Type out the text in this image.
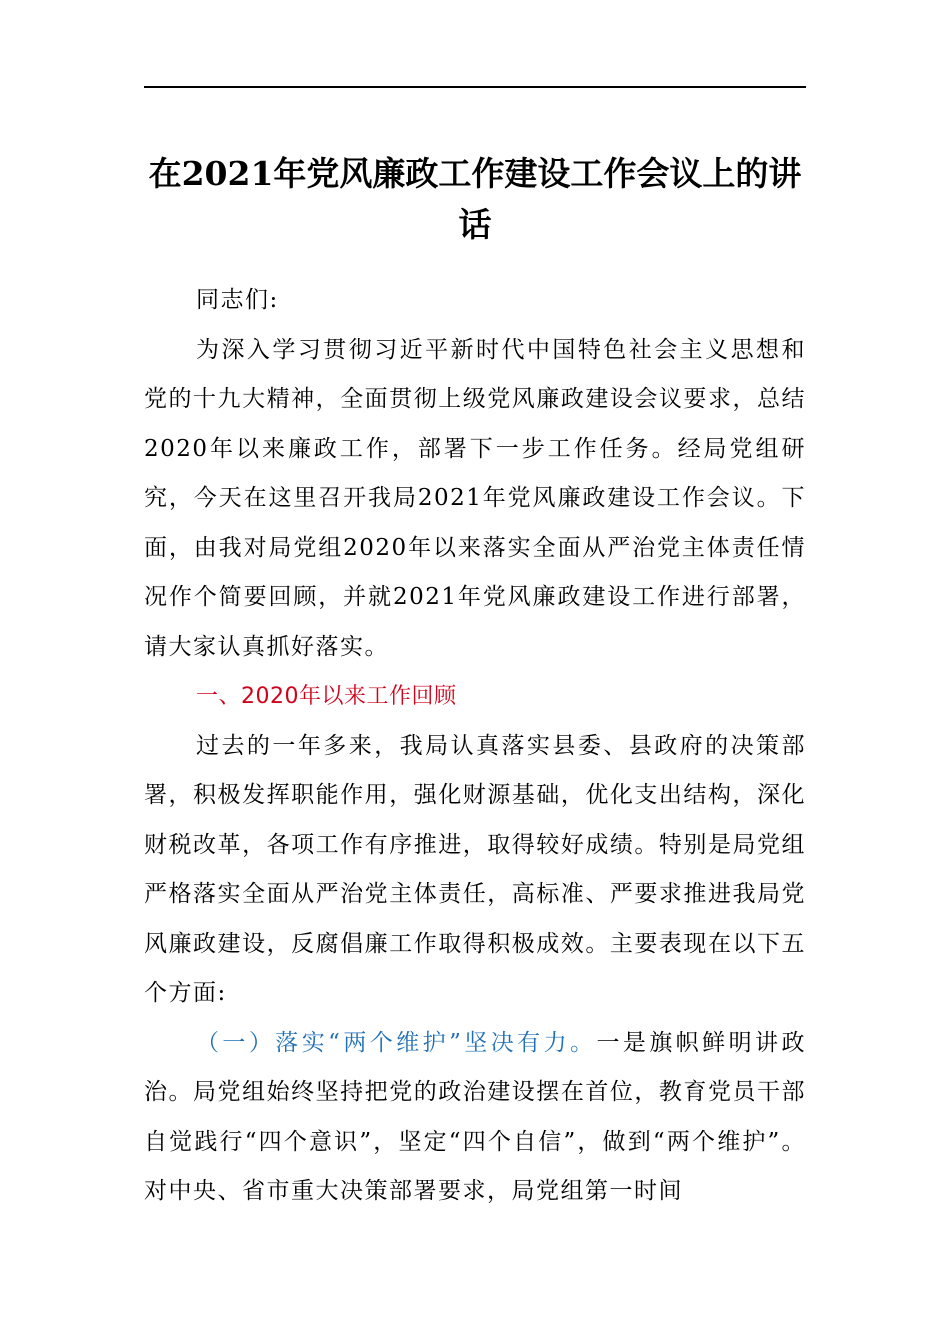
在2021年党风廉政工作建设工作会议上的讲话

同志们:

为深入学习贯彻习近平新时代中国特色社会主义思想和党的十九大精神，全面贯彻上级党风廉政建设会议要求，总结2020年以来廉政工作，部署下一步工作任务。经局党组研究，今天在这里召开我局2021年党风廉政建设工作会议。下面，由我对局党组2020年以来落实全面从严治党主体责任情况作个简要回顾，并就2021年党风廉政建设工作进行部署，请大家认真抓好落实。

一、2020年以来工作回顾

过去的一年多来，我局认真落实县委、县政府的决策部署，积极发挥职能作用，强化财源基础，优化支出结构，深化财税改革，各项工作有序推进，取得较好成绩。特别是局党组严格落实全面从严治党主体责任，高标准、严要求推进我局党风廉政建设，反腐倡廉工作取得积极成效。主要表现在以下五个方面:

（一）落实“两个维护”坚决有力。一是旗帜鲜明讲政治。局党组始终坚持把党的政治建设摆在首位，教育党员干部自觉践行“四个意识”，坚定“四个自信”，做到“两个维护”。对中央、省市重大决策部署要求，局党组第一时间
